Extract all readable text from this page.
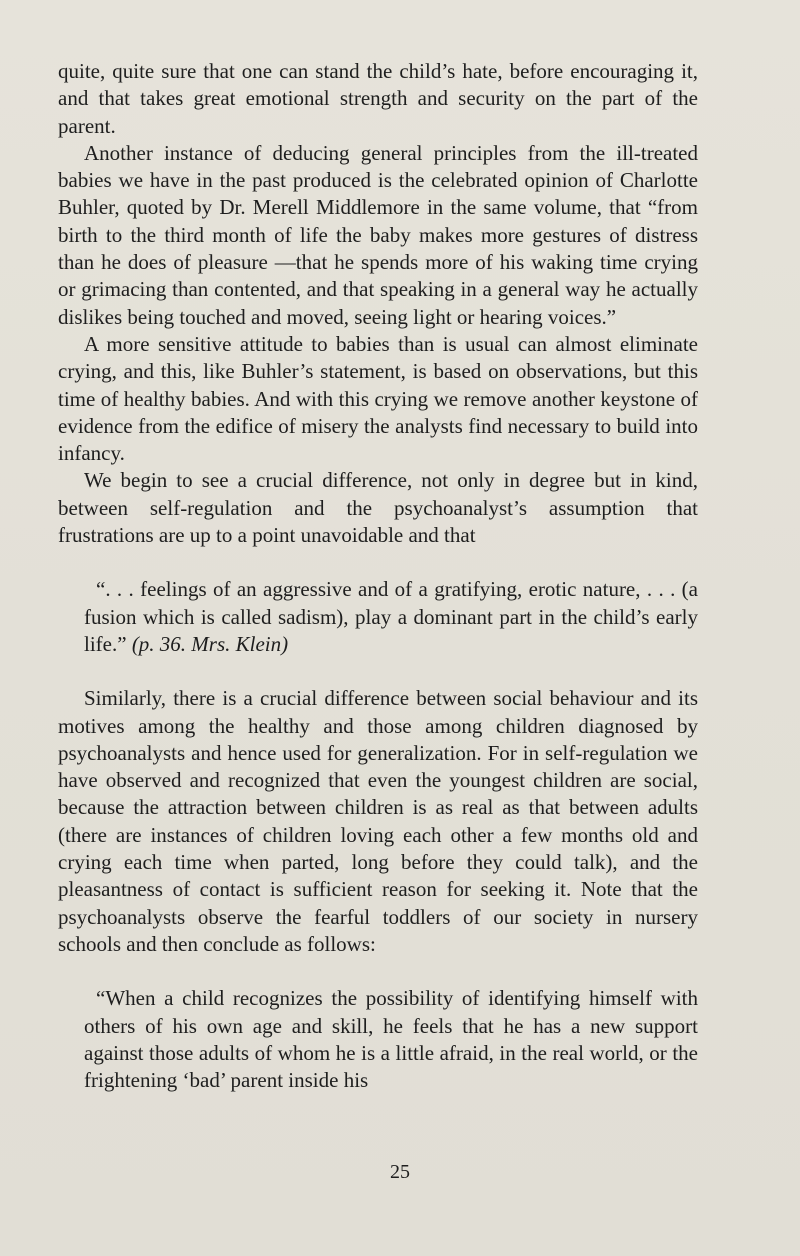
quite, quite sure that one can stand the child’s hate, before encouraging it, and that takes great emotional strength and security on the part of the parent.

Another instance of deducing general principles from the ill-treated babies we have in the past produced is the celebrated opinion of Charlotte Buhler, quoted by Dr. Merell Middlemore in the same volume, that “from birth to the third month of life the baby makes more gestures of distress than he does of pleasure —that he spends more of his waking time crying or grimacing than contented, and that speaking in a general way he actually dislikes being touched and moved, seeing light or hearing voices.”

A more sensitive attitude to babies than is usual can almost eliminate crying, and this, like Buhler’s statement, is based on observations, but this time of healthy babies. And with this crying we remove another keystone of evidence from the edifice of misery the analysts find necessary to build into infancy.

We begin to see a crucial difference, not only in degree but in kind, between self-regulation and the psychoanalyst’s assumption that frustrations are up to a point unavoidable and that

“. . . feelings of an aggressive and of a gratifying, erotic nature, . . . (a fusion which is called sadism), play a dominant part in the child’s early life.” (p. 36. Mrs. Klein)

Similarly, there is a crucial difference between social behaviour and its motives among the healthy and those among children diagnosed by psychoanalysts and hence used for generalization. For in self-regulation we have observed and recognized that even the youngest children are social, because the attraction between children is as real as that between adults (there are instances of children loving each other a few months old and crying each time when parted, long before they could talk), and the pleasantness of contact is sufficient reason for seeking it. Note that the psychoanalysts observe the fearful toddlers of our society in nursery schools and then conclude as follows:

“When a child recognizes the possibility of identifying himself with others of his own age and skill, he feels that he has a new support against those adults of whom he is a little afraid, in the real world, or the frightening ‘bad’ parent inside his

25
